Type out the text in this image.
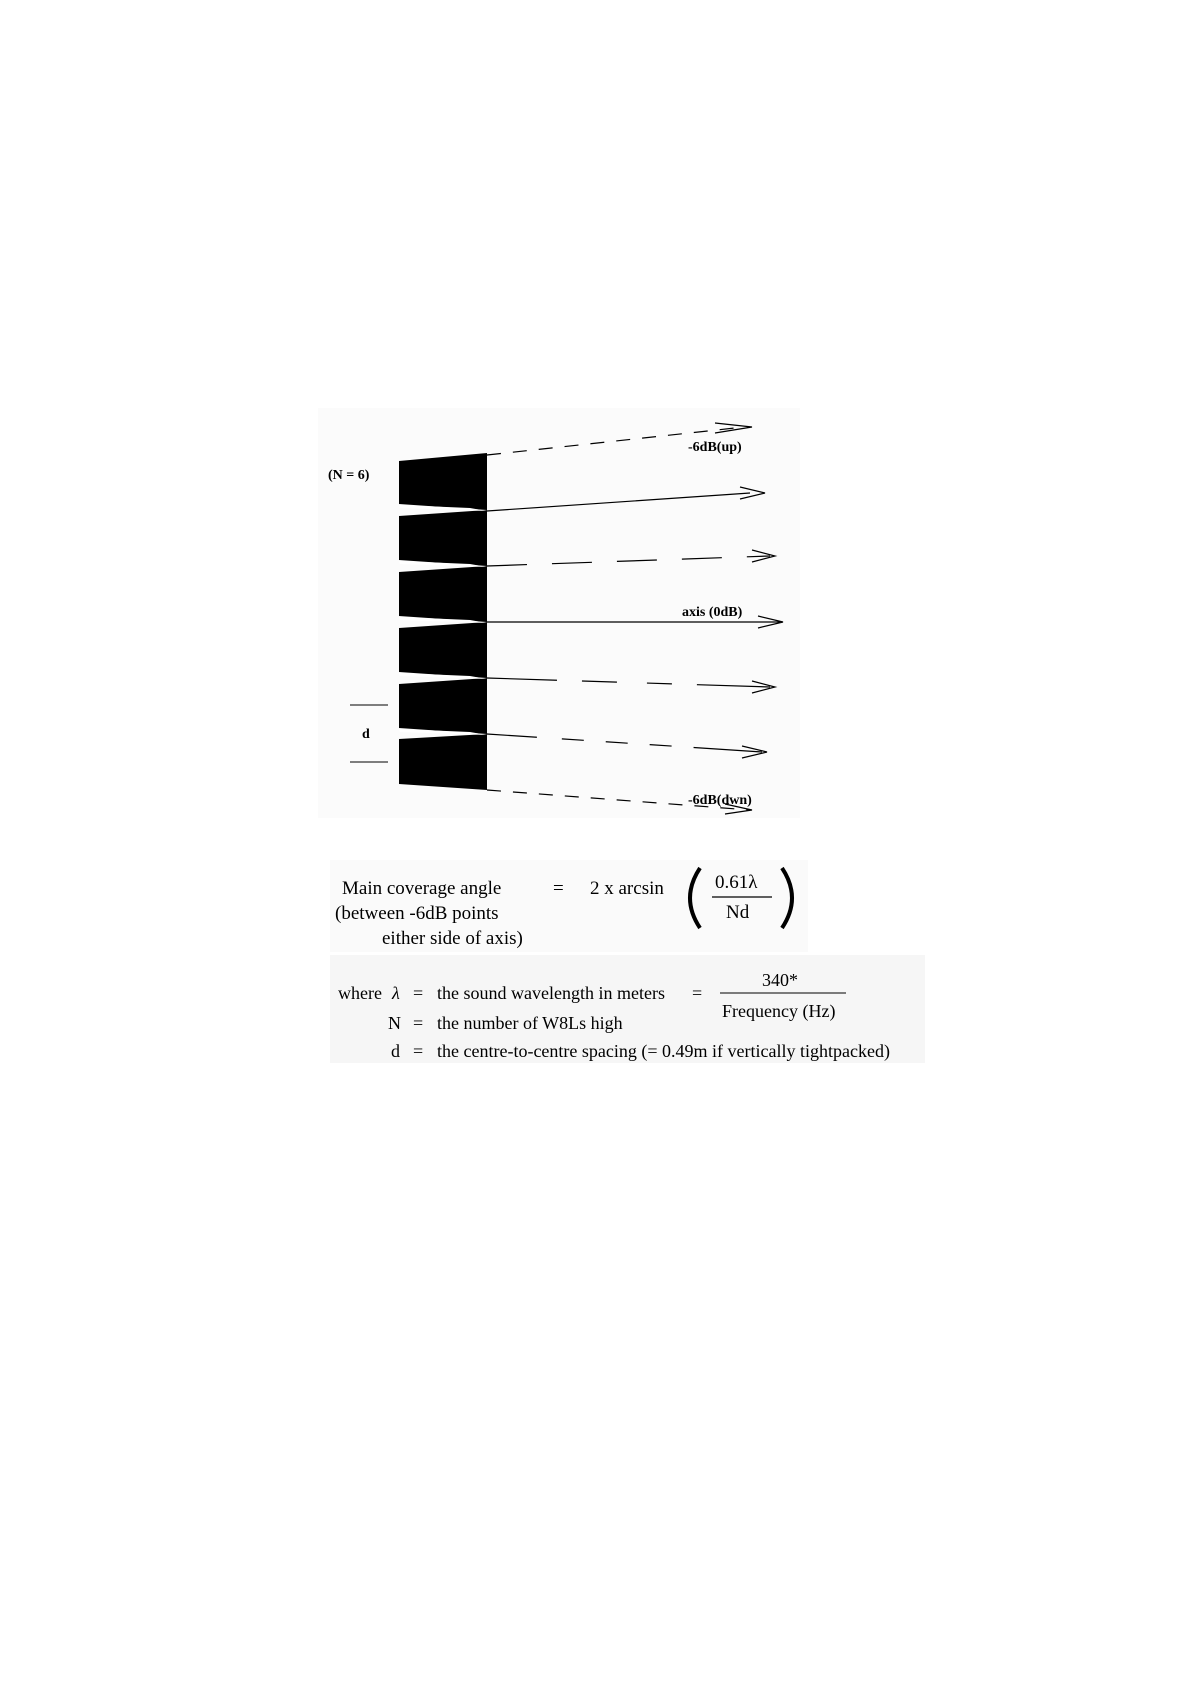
(N = 6)
d
-6dB(up)
axis (0dB)
-6dB(dwn)
Main coverage angle
(between -6dB points
either side of axis)
= 2 x arcsin	0.61λ
Nd
where λ = the sound wavelength in meters =
340*
Frequency (Hz)
N = the number of W8Ls high
d = the centre-to-centre spacing (= 0.49m if vertically tightpacked)
